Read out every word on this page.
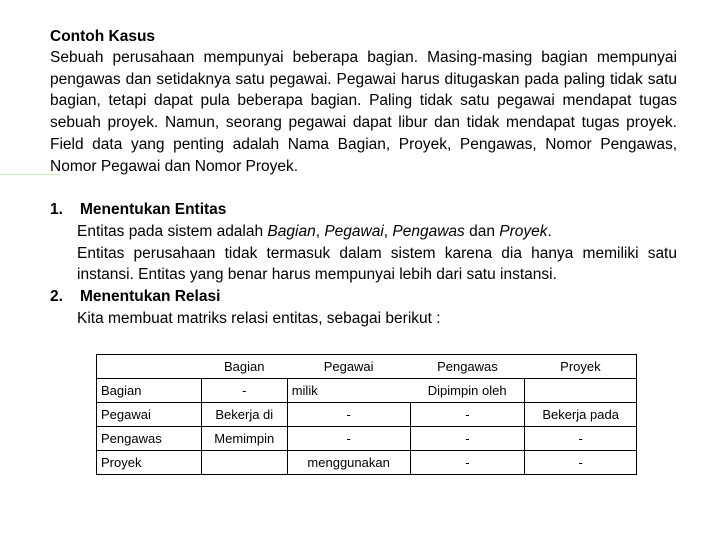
Contoh Kasus

Sebuah perusahaan mempunyai beberapa bagian. Masing-masing bagian mempunyai pengawas dan setidaknya satu pegawai. Pegawai harus ditugaskan pada paling tidak satu bagian, tetapi dapat pula beberapa bagian. Paling tidak satu pegawai mendapat tugas sebuah proyek. Namun, seorang pegawai dapat libur dan tidak mendapat tugas proyek. Field data yang penting adalah Nama Bagian, Proyek, Pengawas, Nomor Pengawas, Nomor Pegawai dan Nomor Proyek.

1.	Menentukan Entitas
Entitas pada sistem adalah Bagian, Pegawai, Pengawas dan Proyek.
Entitas perusahaan tidak termasuk dalam sistem karena dia hanya memiliki satu instansi. Entitas yang benar harus mempunyai lebih dari satu instansi.
2.	Menentukan Relasi
Kita membuat matriks relasi entitas, sebagai berikut :
	Bagian	Pegawai	Pengawas	Proyek
Bagian	-	milik	Dipimpin oleh	
Pegawai	Bekerja di	-	-	Bekerja pada
Pengawas	Memimpin	-	-	-
Proyek		menggunakan	-	-
